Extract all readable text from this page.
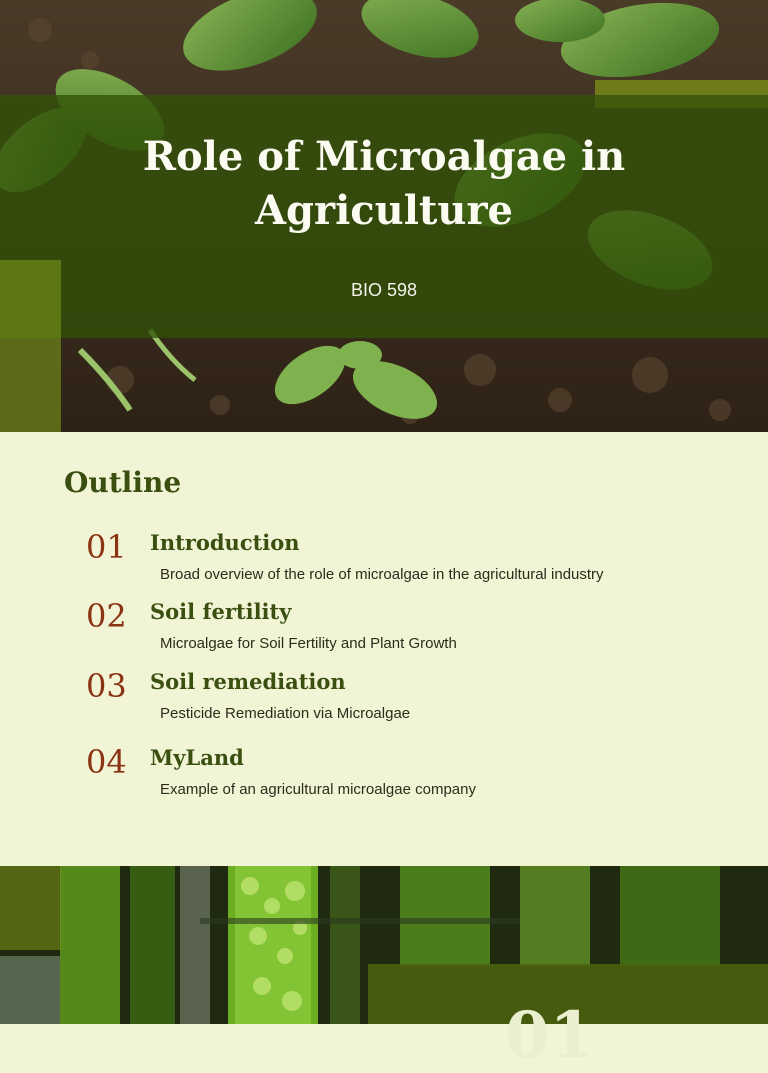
Role of Microalgae in Agriculture
BIO 598
Outline
01 Introduction
Broad overview of the role of microalgae in the agricultural industry
02 Soil fertility
Microalgae for Soil Fertility and Plant Growth
03 Soil remediation
Pesticide Remediation via Microalgae
04 MyLand
Example of an agricultural microalgae company
01
